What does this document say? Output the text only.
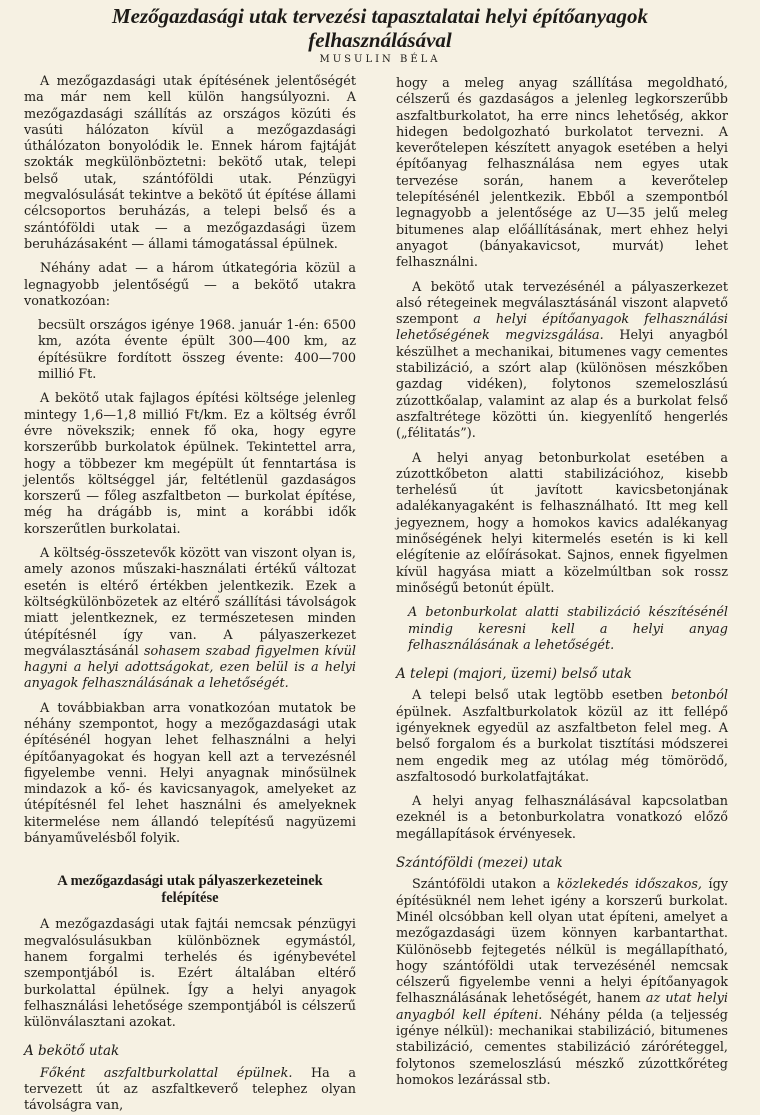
Mezőgazdasági utak tervezési tapasztalatai helyi építőanyagok
felhasználásával
MUSULIN BÉLA

A mezőgazdasági utak építésének jelentőségét ma már nem kell külön hangsúlyozni. A mezőgazdasági szállítás az országos közúti és vasúti hálózaton kívül a mezőgazdasági úthálózaton bonyolódik le. Ennek három fajtáját szokták megkülönböztetni: bekötő utak, telepi belső utak, szántóföldi utak. Pénzügyi megvalósulását tekintve a bekötő út építése állami célcsoportos beruházás, a telepi belső és a szántóföldi utak — a mezőgazdasági üzem beruházásaként — állami támogatással épülnek.

Néhány adat — a három útkategória közül a legnagyobb jelentőségű — a bekötő utakra vonatkozóan:

becsült országos igénye 1968. január 1-én: 6500 km, azóta évente épült 300—400 km, az építésükre fordított összeg évente: 400—700 millió Ft.

A bekötő utak fajlagos építési költsége jelenleg mintegy 1,6—1,8 millió Ft/km. Ez a költség évről évre növekszik; ennek fő oka, hogy egyre korszerűbb burkolatok épülnek. Tekintettel arra, hogy a többezer km megépült út fenntartása is jelentős költséggel jár, feltétlenül gazdaságos korszerű — főleg aszfaltbeton — burkolat építése, még ha drágább is, mint a korábbi idők korszerűtlen burkolatai.

A költség-összetevők között van viszont olyan is, amely azonos műszaki-használati értékű változat esetén is eltérő értékben jelentkezik. Ezek a költségkülönbözetek az eltérő szállítási távolságok miatt jelentkeznek, ez természetesen minden útépítésnél így van. A pályaszerkezet megválasztásánál sohasem szabad figyelmen kívül hagyni a helyi adottságokat, ezen belül is a helyi anyagok felhasználásának a lehetőségét.

A továbbiakban arra vonatkozóan mutatok be néhány szempontot, hogy a mezőgazdasági utak építésénél hogyan lehet felhasználni a helyi építőanyagokat és hogyan kell azt a tervezésnél figyelembe venni. Helyi anyagnak minősülnek mindazok a kő- és kavicsanyagok, amelyeket az útépítésnél fel lehet használni és amelyeknek kitermelése nem állandó telepítésű nagyüzemi bányaművelésből folyik.

A mezőgazdasági utak pályaszerkezeteinek
felépítése

A mezőgazdasági utak fajtái nemcsak pénzügyi megvalósulásukban különböznek egymástól, hanem forgalmi terhelés és igénybevétel szempontjából is. Ezért általában eltérő burkolattal épülnek. Így a helyi anyagok felhasználási lehetősége szempontjából is célszerű különválasztani azokat.

A bekötő utak

Főként aszfaltburkolattal épülnek. Ha a tervezett út az aszfaltkeverő telephez olyan távolságra van,

hogy a meleg anyag szállítása megoldható, célszerű és gazdaságos a jelenleg legkorszerűbb aszfaltburkolatot, ha erre nincs lehetőség, akkor hidegen bedolgozható burkolatot tervezni. A keverőtelepen készített anyagok esetében a helyi építőanyag felhasználása nem egyes utak tervezése során, hanem a keverőtelep telepítésénél jelentkezik. Ebből a szempontból legnagyobb a jelentősége az U—35 jelű meleg bitumenes alap előállításának, mert ehhez helyi anyagot (bányakavicsot, murvát) lehet felhasználni.

A bekötő utak tervezésénél a pályaszerkezet alsó rétegeinek megválasztásánál viszont alapvető szempont a helyi építőanyagok felhasználási lehetőségének megvizsgálása. Helyi anyagból készülhet a mechanikai, bitumenes vagy cementes stabilizáció, a szórt alap (különösen mészkőben gazdag vidéken), folytonos szemeloszlású zúzottkőalap, valamint az alap és a burkolat felső aszfaltrétege közötti ún. kiegyenlítő hengerlés („félitatás”).

A helyi anyag betonburkolat esetében a zúzottkőbeton alatti stabilizációhoz, kisebb terhelésű út javított kavicsbetonjának adalékanyagaként is felhasználható. Itt meg kell jegyeznem, hogy a homokos kavics adalékanyag minőségének helyi kitermelés esetén is ki kell elégítenie az előírásokat. Sajnos, ennek figyelmen kívül hagyása miatt a közelmúltban sok rossz minőségű betonút épült.

A betonburkolat alatti stabilizáció készítésénél mindig keresni kell a helyi anyag felhasználásának a lehetőségét.

A telepi (majori, üzemi) belső utak

A telepi belső utak legtöbb esetben betonból épülnek. Aszfaltburkolatok közül az itt fellépő igényeknek egyedül az aszfaltbeton felel meg. A belső forgalom és a burkolat tisztítási módszerei nem engedik meg az utólag még tömörödő, aszfaltosodó burkolatfajtákat.

A helyi anyag felhasználásával kapcsolatban ezeknél is a betonburkolatra vonatkozó előző megállapítások érvényesek.

Szántóföldi (mezei) utak

Szántóföldi utakon a közlekedés időszakos, így építésüknél nem lehet igény a korszerű burkolat. Minél olcsóbban kell olyan utat építeni, amelyet a mezőgazdasági üzem könnyen karbantarthat. Különösebb fejtegetés nélkül is megállapítható, hogy szántóföldi utak tervezésénél nemcsak célszerű figyelembe venni a helyi építőanyagok felhasználásának lehetőségét, hanem az utat helyi anyagból kell építeni. Néhány példa (a teljesség igénye nélkül): mechanikai stabilizáció, bitumenes stabilizáció, cementes stabilizáció záróréteggel, folytonos szemeloszlású mészkő zúzottkőréteg homokos lezárással stb.
